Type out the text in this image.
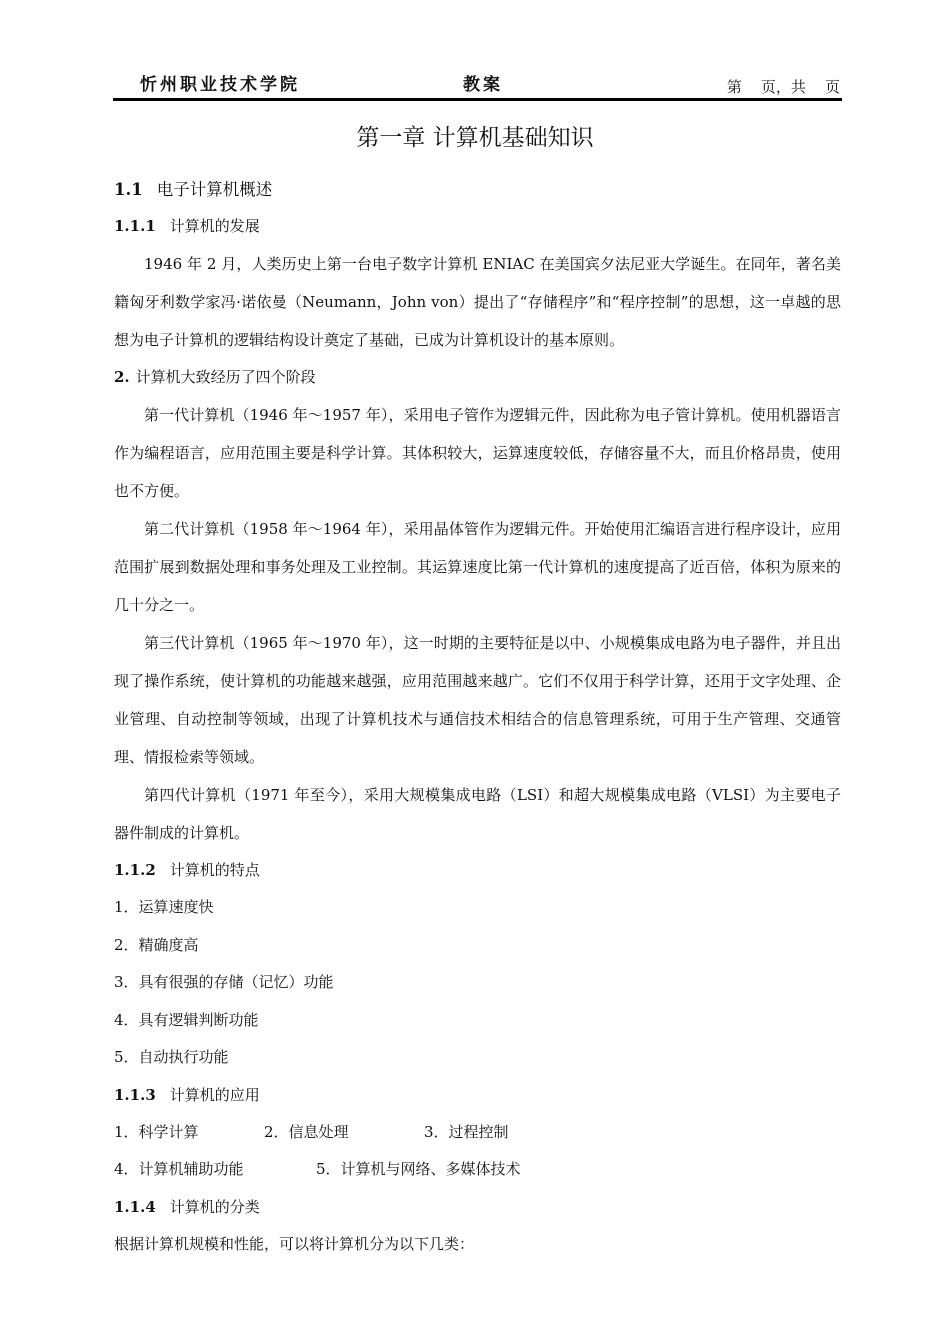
忻州职业技术学院	教案	第    页，共    页
第一章 计算机基础知识
1.1 电子计算机概述
1.1.1 计算机的发展
1946 年 2 月，人类历史上第一台电子数字计算机 ENIAC 在美国宾夕法尼亚大学诞生。在同年，著名美籍匈牙利数学家冯·诺依曼（Neumann，John von）提出了“存储程序”和“程序控制”的思想，这一卓越的思想为电子计算机的逻辑结构设计奠定了基础，已成为计算机设计的基本原则。
2. 计算机大致经历了四个阶段
第一代计算机（1946 年～1957 年），采用电子管作为逻辑元件，因此称为电子管计算机。使用机器语言作为编程语言，应用范围主要是科学计算。其体积较大，运算速度较低，存储容量不大，而且价格昂贵，使用也不方便。
第二代计算机（1958 年～1964 年），采用晶体管作为逻辑元件。开始使用汇编语言进行程序设计，应用范围扩展到数据处理和事务处理及工业控制。其运算速度比第一代计算机的速度提高了近百倍，体积为原来的几十分之一。
第三代计算机（1965 年～1970 年），这一时期的主要特征是以中、小规模集成电路为电子器件，并且出现了操作系统，使计算机的功能越来越强，应用范围越来越广。它们不仅用于科学计算，还用于文字处理、企业管理、自动控制等领域，出现了计算机技术与通信技术相结合的信息管理系统，可用于生产管理、交通管理、情报检索等领域。
第四代计算机（1971 年至今），采用大规模集成电路（LSI）和超大规模集成电路（VLSI）为主要电子器件制成的计算机。
1.1.2 计算机的特点
1．运算速度快
2．精确度高
3．具有很强的存储（记忆）功能
4．具有逻辑判断功能
5．自动执行功能
1.1.3 计算机的应用
1．科学计算	2．信息处理	3．过程控制
4．计算机辅助功能	5．计算机与网络、多媒体技术
1.1.4 计算机的分类
根据计算机规模和性能，可以将计算机分为以下几类：
